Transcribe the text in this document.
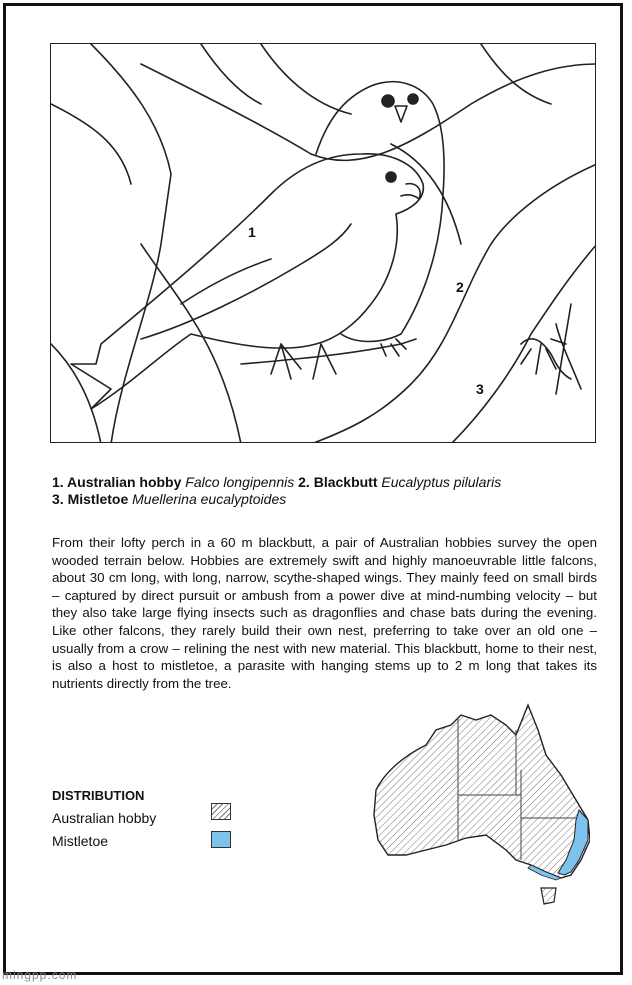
1
2
3
1. Australian hobby Falco longipennis 2. Blackbutt Eucalyptus pilularis
3. Mistletoe Muellerina eucalyptoides

From their lofty perch in a 60 m blackbutt, a pair of Australian hobbies survey the open wooded terrain below. Hobbies are extremely swift and highly manoeuvrable little falcons, about 30 cm long, with long, narrow, scythe-shaped wings. They mainly feed on small birds – captured by direct pursuit or ambush from a power dive at mind-numbing velocity – but they also take large flying insects such as dragonflies and chase bats during the evening. Like other falcons, they rarely build their own nest, preferring to take over an old one – usually from a crow – relining the nest with new material. This blackbutt, home to their nest, is also a host to mistletoe, a parasite with hanging stems up to 2 m long that takes its nutrients directly from the tree.

DISTRIBUTION
Australian hobby
Mistletoe
mingpp.com
